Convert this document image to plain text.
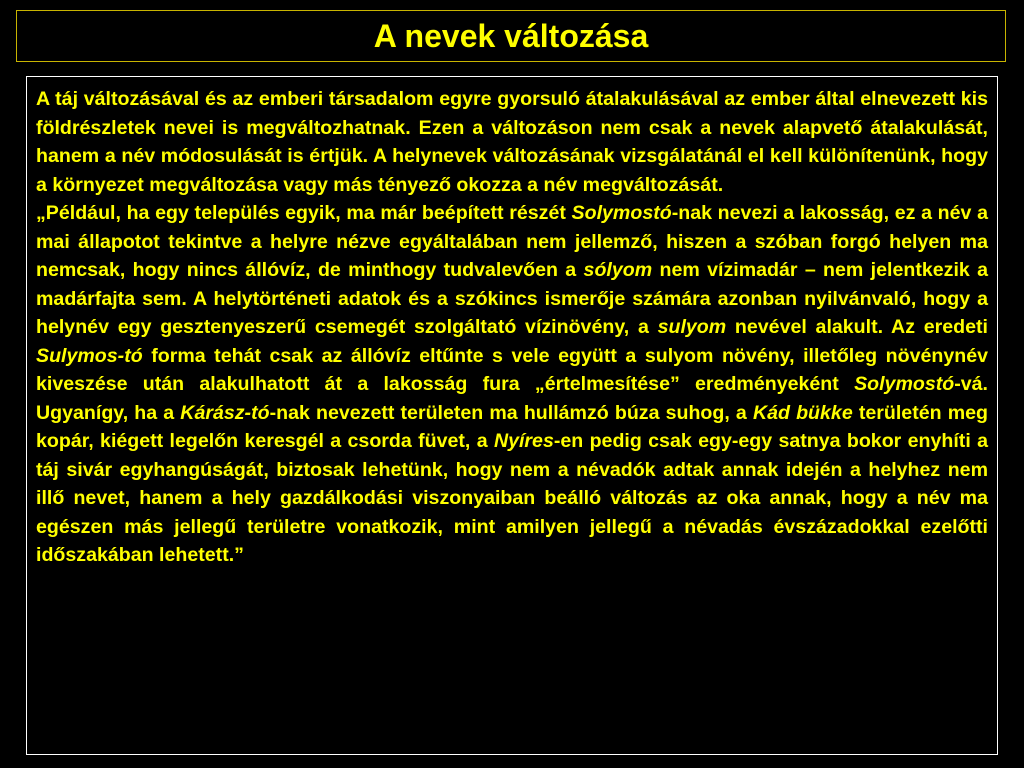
A nevek változása

A táj változásával és az emberi társadalom egyre gyorsuló átalakulásával az ember által elnevezett kis földrészletek nevei is megváltozhatnak. Ezen a változáson nem csak a nevek alapvető átalakulását, hanem a név módosulását is értjük. A helynevek változásának vizsgálatánál el kell különítenünk, hogy a környezet megváltozása vagy más tényező okozza a név megváltozását.

„Például, ha egy település egyik, ma már beépített részét Solymostó-nak nevezi a lakosság, ez a név a mai állapotot tekintve a helyre nézve egyáltalában nem jellemző, hiszen a szóban forgó helyen ma nemcsak, hogy nincs állóvíz, de minthogy tudvalevően a sólyom nem vízimadár – nem jelentkezik a madárfajta sem. A helytörténeti adatok és a szókincs ismerője számára azonban nyilvánvaló, hogy a helynév egy gesztenyeszerű csemegét szolgáltató vízinövény, a sulyom nevével alakult. Az eredeti Sulymos-tó forma tehát csak az állóvíz eltűnte s vele együtt a sulyom növény, illetőleg növénynév kiveszése után alakulhatott át a lakosság fura „értelmesítése” eredményeként Solymostó-vá. Ugyanígy, ha a Kárász-tó-nak nevezett területen ma hullámzó búza suhog, a Kád bükke területén meg kopár, kiégett legelőn keresgél a csorda füvet, a Nyíres-en pedig csak egy-egy satnya bokor enyhíti a táj sivár egyhangúságát, biztosak lehetünk, hogy nem a névadók adtak annak idején a helyhez nem illő nevet, hanem a hely gazdálkodási viszonyaiban beálló változás az oka annak, hogy a név ma egészen más jellegű területre vonatkozik, mint amilyen jellegű a névadás évszázadokkal ezelőtti időszakában lehetett.”
